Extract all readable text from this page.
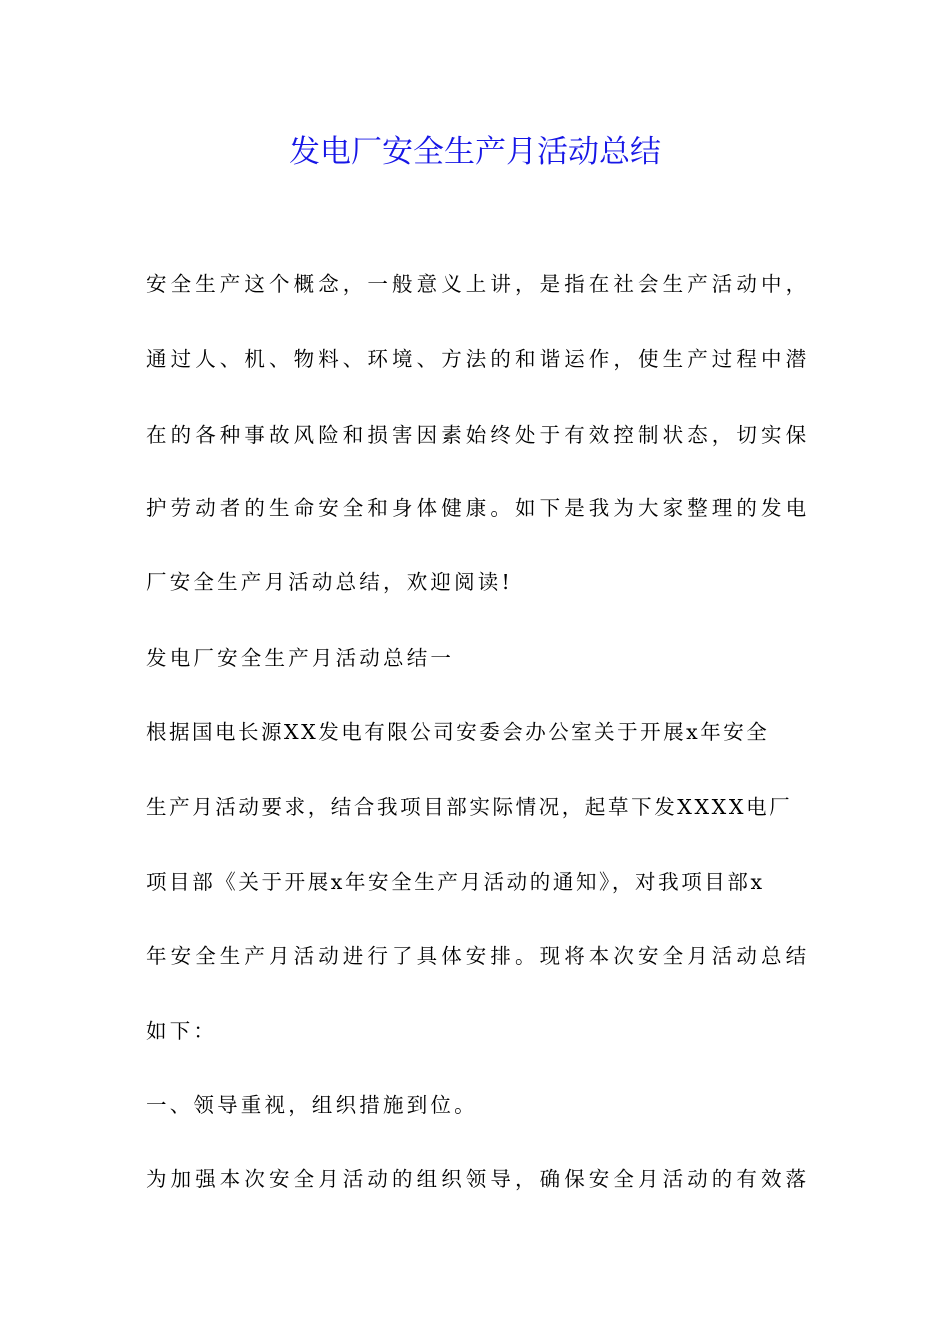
发电厂安全生产月活动总结

安全生产这个概念，一般意义上讲，是指在社会生产活动中，

通过人、机、物料、环境、方法的和谐运作，使生产过程中潜

在的各种事故风险和损害因素始终处于有效控制状态，切实保

护劳动者的生命安全和身体健康。如下是我为大家整理的发电

厂安全生产月活动总结，欢迎阅读!

发电厂安全生产月活动总结一

根据国电长源XX发电有限公司安委会办公室关于开展x年安全

生产月活动要求，结合我项目部实际情况，起草下发XXXX电厂

项目部《关于开展x年安全生产月活动的通知》，对我项目部x

年安全生产月活动进行了具体安排。现将本次安全月活动总结

如下：

一、领导重视，组织措施到位。

为加强本次安全月活动的组织领导，确保安全月活动的有效落
